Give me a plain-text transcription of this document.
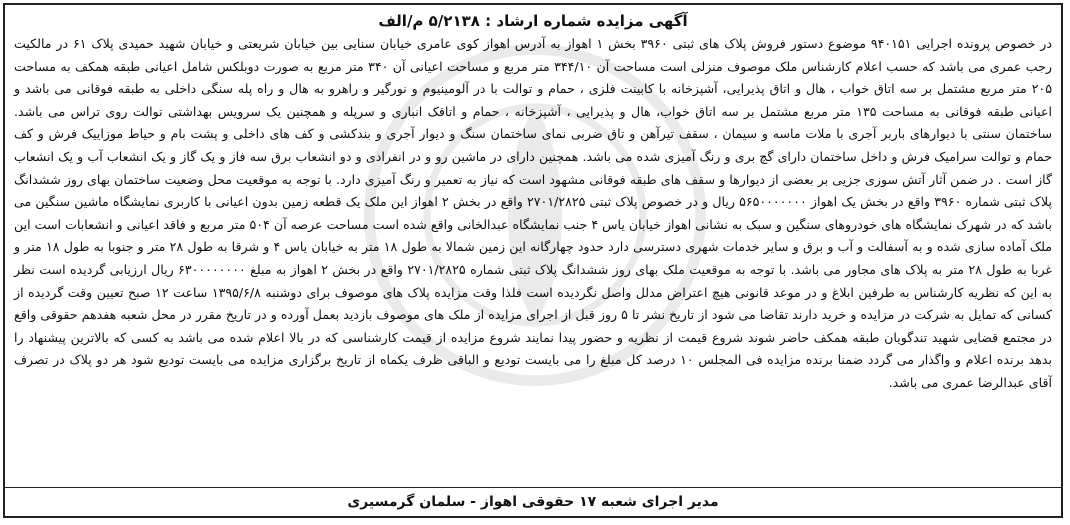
آگهی مزایده شماره ارشاد : ۵/۲۱۳۸ م/الف

در خصوص پرونده اجرایی ۹۴۰۱۵۱ موضوع دستور فروش پلاک های ثبتی ۳۹۶۰ بخش ۱ اهواز به آدرس اهواز کوی عامری خیابان سنایی بین خیابان شریعتی و خیابان شهید حمیدی پلاک ۶۱ در مالکیت رجب عمری می باشد که حسب اعلام کارشناس ملک موصوف منزلی است مساحت آن ۳۴۴/۱۰ متر مربع و مساحت اعیانی آن ۳۴۰ متر مربع به صورت دوبلکس شامل اعیانی طبقه همکف به مساحت ۲۰۵ متر مربع مشتمل بر سه اتاق خواب ، هال و اتاق پذیرایی، آشپزخانه با کابینت فلزی ، حمام و توالت با در آلومینیوم و نورگیر و راهرو به هال و راه پله سنگی داخلی به طبقه فوقانی می باشد و اعیانی طبقه فوقانی به مساحت ۱۳۵ متر مربع مشتمل بر سه اتاق خواب، هال و پذیرایی ، آشپزخانه ، حمام و اتاقک انباری و سرپله و همچنین یک سرویس بهداشتی توالت روی تراس می باشد. ساختمان سنتی با دیوارهای باربر آجری با ملات ماسه و سیمان ، سقف تیرآهن و تاق ضربی نمای ساختمان سنگ و دیوار آجری و بندکشی و کف های داخلی و پشت بام و حیاط موزاییک فرش و کف حمام و توالت سرامیک فرش و داخل ساختمان دارای گچ بری و رنگ آمیزی شده می باشد. همچنین دارای در ماشین رو و در انفرادی و دو انشعاب برق سه فاز و یک گاز و یک انشعاب آب و یک انشعاب گاز است . در ضمن آثار آتش سوزی جزیی بر بعضی از دیوارها و سقف های طبقه فوقانی مشهود است که نیاز به تعمیر و رنگ آمیزی دارد. با توجه به موقعیت محل وضعیت ساختمان بهای روز ششدانگ پلاک ثبتی شماره ۳۹۶۰ واقع در بخش یک اهواز ۵۶۵۰۰۰۰۰۰۰ ریال و در خصوص پلاک ثبتی ۲۷۰۱/۲۸۲۵ واقع در بخش ۲ اهواز این ملک یک قطعه زمین بدون اعیانی با کاربری نمایشگاه ماشین سنگین می باشد که در شهرک نمایشگاه های خودروهای سنگین و سبک به نشانی اهواز خیابان یاس ۴ جنب نمایشگاه عبدالخانی واقع شده است مساحت عرصه آن ۵۰۴ متر مربع و فاقد اعیانی و انشعابات است این ملک آماده سازی شده و به آسفالت و آب و برق و سایر خدمات شهری دسترسی دارد حدود چهارگانه این زمین شمالا به طول ۱۸ متر به خیابان یاس ۴ و شرقا به طول ۲۸ متر و جنوبا به طول ۱۸ متر و غربا به طول ۲۸ متر به پلاک های مجاور می باشد. با توجه به موقعیت ملک بهای روز ششدانگ پلاک ثبتی شماره ۲۷۰۱/۲۸۲۵ واقع در بخش ۲ اهواز به مبلغ ۶۳۰۰۰۰۰۰۰۰ ریال ارزیابی گردیده است نظر به این که نظریه کارشناس به طرفین ابلاغ و در موعد قانونی هیچ اعتراض مدلل واصل نگردیده است فلذا وقت مزایده پلاک های موصوف برای دوشنبه ۱۳۹۵/۶/۸ ساعت ۱۲ صبح تعیین وقت گردیده از کسانی که تمایل به شرکت در مزایده و خرید دارند تقاضا می شود از تاریخ نشر تا ۵ روز قبل از اجرای مزایده از ملک های موصوف بازدید بعمل آورده و در تاریخ مقرر در محل شعبه هفدهم حقوقی واقع در مجتمع قضایی شهید تندگویان طبقه همکف حاضر شوند شروع قیمت از نظریه و حضور پیدا نمایند شروع مزایده از قیمت کارشناسی که در بالا اعلام شده می باشد به کسی که بالاترین پیشنهاد را بدهد برنده اعلام و واگذار می گردد ضمنا برنده مزایده فی المجلس ۱۰ درصد کل مبلغ را می بایست تودیع و الباقی ظرف یکماه از تاریخ برگزاری مزایده می بایست تودیع شود هر دو پلاک در تصرف آقای عبدالرضا عمری می باشد.

مدیر اجرای شعبه ۱۷ حقوقی اهواز - سلمان گرمسیری
